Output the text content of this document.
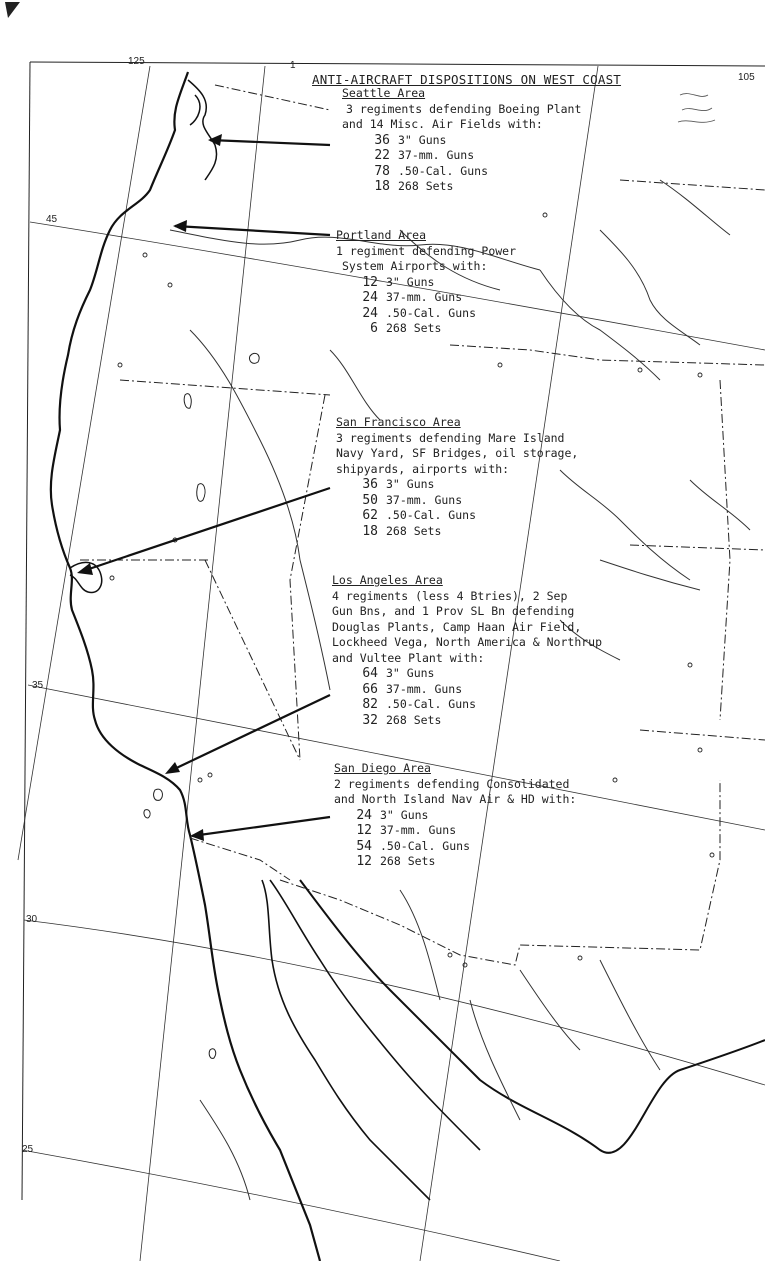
125	1
105
45
35
30
25
ANTI-AIRCRAFT DISPOSITIONS ON WEST COAST
Seattle Area
3 regiments defending Boeing Plant
and 14 Misc. Air Fields with:
36 3" Guns
22 37-mm. Guns
78 .50-Cal. Guns
18 268 Sets
Portland Area
1 regiment defending Power
System Airports with:
12 3" Guns
24 37-mm. Guns
24 .50-Cal. Guns
6 268 Sets
San Francisco Area
3 regiments defending Mare Island
Navy Yard, SF Bridges, oil storage,
shipyards, airports with:
36 3" Guns
50 37-mm. Guns
62 .50-Cal. Guns
18 268 Sets
Los Angeles Area
4 regiments (less 4 Btries), 2 Sep
Gun Bns, and 1 Prov SL Bn defending
Douglas Plants, Camp Haan Air Field,
Lockheed Vega, North America & Northrup
and Vultee Plant with:
64 3" Guns
66 37-mm. Guns
82 .50-Cal. Guns
32 268 Sets
San Diego Area
2 regiments defending Consolidated
and North Island Nav Air & HD with:
24 3" Guns
12 37-mm. Guns
54 .50-Cal. Guns
12 268 Sets
